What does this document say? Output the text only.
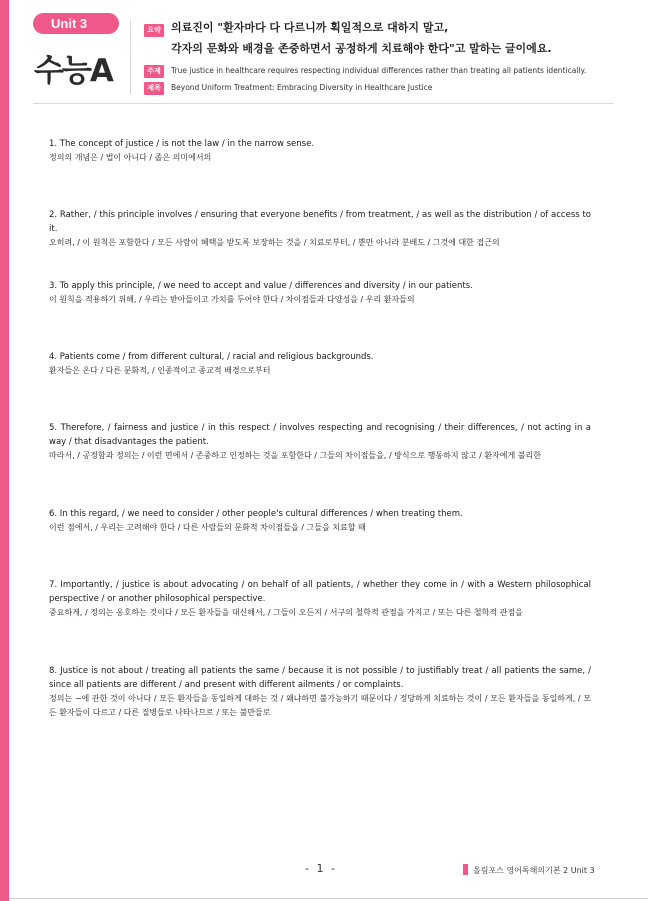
Unit 3
수능A
요약 의료진이 "환자마다 다 다르니까 획일적으로 대하지 말고,
각자의 문화와 배경을 존중하면서 공정하게 치료해야 한다"고 말하는 글이에요.
주제	True justice in healthcare requires respecting individual differences rather than treating all patients identically.
제목	Beyond Uniform Treatment: Embracing Diversity in Healthcare Justice
1. The concept of justice / is not the law / in the narrow sense.
정의의 개념은 / 법이 아니다 / 좁은 의미에서의
2. Rather, / this principle involves / ensuring that everyone benefits / from treatment, / as well as the distribution / of access to it.
오히려, / 이 원칙은 포함한다 / 모든 사람이 혜택을 받도록 보장하는 것을 / 치료로부터, / 뿐만 아니라 분배도 / 그것에 대한 접근의
3. To apply this principle, / we need to accept and value / differences and diversity / in our patients.
이 원칙을 적용하기 위해, / 우리는 받아들이고 가치를 두어야 한다 / 차이점들과 다양성을 / 우리 환자들의
4. Patients come / from different cultural, / racial and religious backgrounds.
환자들은 온다 / 다른 문화적, / 인종적이고 종교적 배경으로부터
5. Therefore, / fairness and justice / in this respect / involves respecting and recognising / their differences, / not acting in a way / that disadvantages the patient.
따라서, / 공정함과 정의는 / 이런 면에서 / 존중하고 인정하는 것을 포함한다 / 그들의 차이점들을, / 방식으로 행동하지 않고 / 환자에게 불리한
6. In this regard, / we need to consider / other people's cultural differences / when treating them.
이런 점에서, / 우리는 고려해야 한다 / 다른 사람들의 문화적 차이점들을 / 그들을 치료할 때
7. Importantly, / justice is about advocating / on behalf of all patients, / whether they come in / with a Western philosophical perspective / or another philosophical perspective.
중요하게, / 정의는 옹호하는 것이다 / 모든 환자들을 대신해서, / 그들이 오든지 / 서구의 철학적 관점을 가지고 / 또는 다른 철학적 관점을
8. Justice is not about / treating all patients the same / because it is not possible / to justifiably treat / all patients the same, / since all patients are different / and present with different ailments / or complaints.
정의는 ~에 관한 것이 아니다 / 모든 환자들을 동일하게 대하는 것 / 왜냐하면 불가능하기 때문이다 / 정당하게 치료하는 것이 / 모든 환자들을 동일하게, / 모든 환자들이 다르고 / 다른 질병들로 나타나므로 / 또는 불만들로
- 1 -	올림포스 영어독해의기본 2 Unit 3
